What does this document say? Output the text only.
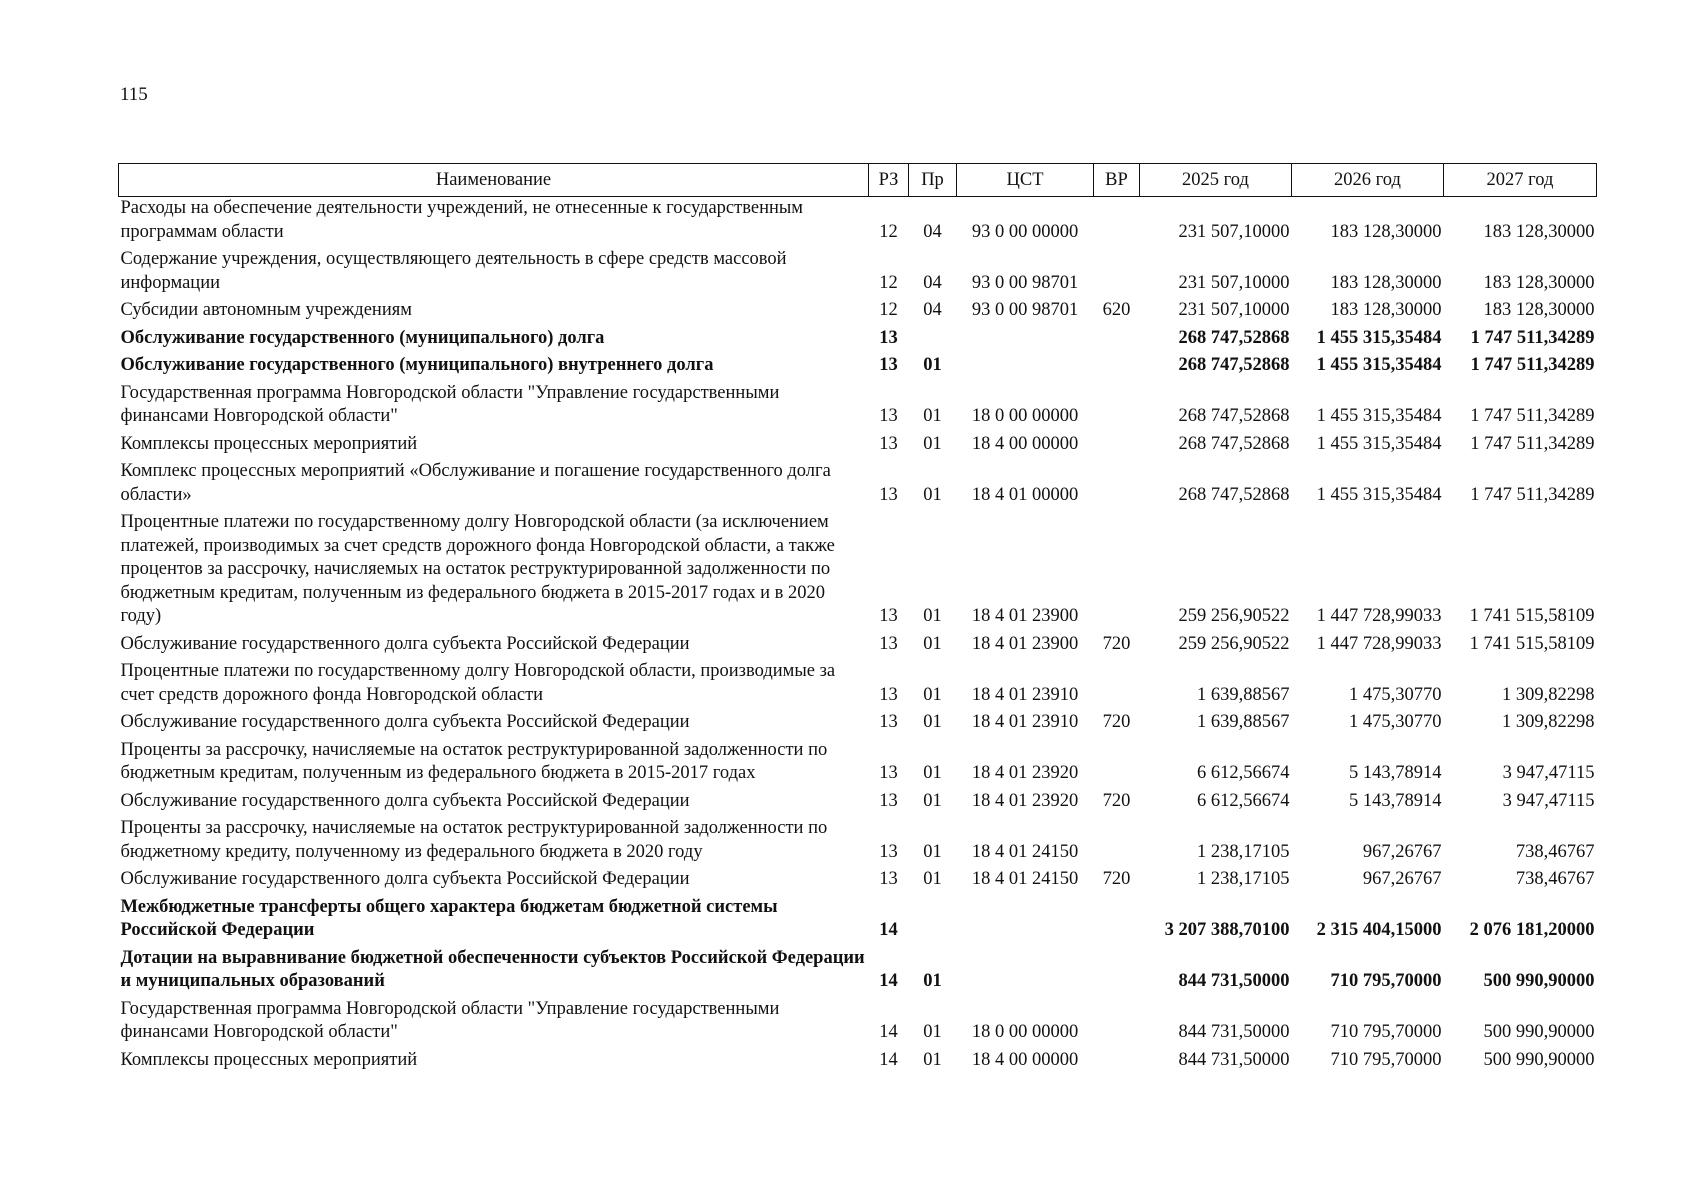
115
Наименование	РЗ	Пр	ЦСТ	ВР	2025 год	2026 год	2027 год
Расходы на обеспечение деятельности учреждений, не отнесенные к государственным программам области	12	04	93 0 00 00000		231 507,10000	183 128,30000	183 128,30000
Содержание учреждения, осуществляющего деятельность в сфере средств массовой информации	12	04	93 0 00 98701		231 507,10000	183 128,30000	183 128,30000
Субсидии автономным учреждениям	12	04	93 0 00 98701	620	231 507,10000	183 128,30000	183 128,30000
Обслуживание государственного (муниципального) долга	13				268 747,52868	1 455 315,35484	1 747 511,34289
Обслуживание государственного (муниципального) внутреннего долга	13	01			268 747,52868	1 455 315,35484	1 747 511,34289
Государственная программа Новгородской области "Управление государственными финансами Новгородской области"	13	01	18 0 00 00000		268 747,52868	1 455 315,35484	1 747 511,34289
Комплексы процессных мероприятий	13	01	18 4 00 00000		268 747,52868	1 455 315,35484	1 747 511,34289
Комплекс процессных мероприятий «Обслуживание и погашение государственного долга области»	13	01	18 4 01 00000		268 747,52868	1 455 315,35484	1 747 511,34289
Процентные платежи по государственному долгу Новгородской области (за исключением платежей, производимых за счет средств дорожного фонда Новгородской области, а также процентов за рассрочку, начисляемых на остаток реструктурированной задолженности по бюджетным кредитам, полученным из федерального бюджета в 2015-2017 годах и в 2020 году)	13	01	18 4 01 23900		259 256,90522	1 447 728,99033	1 741 515,58109
Обслуживание государственного долга субъекта Российской Федерации	13	01	18 4 01 23900	720	259 256,90522	1 447 728,99033	1 741 515,58109
Процентные платежи по государственному долгу Новгородской области, производимые за счет средств дорожного фонда Новгородской области	13	01	18 4 01 23910		1 639,88567	1 475,30770	1 309,82298
Обслуживание государственного долга субъекта Российской Федерации	13	01	18 4 01 23910	720	1 639,88567	1 475,30770	1 309,82298
Проценты за рассрочку, начисляемые на остаток реструктурированной задолженности по бюджетным кредитам, полученным из федерального бюджета в 2015-2017 годах	13	01	18 4 01 23920		6 612,56674	5 143,78914	3 947,47115
Обслуживание государственного долга субъекта Российской Федерации	13	01	18 4 01 23920	720	6 612,56674	5 143,78914	3 947,47115
Проценты за рассрочку, начисляемые на остаток реструктурированной задолженности по бюджетному кредиту, полученному из федерального бюджета в 2020 году	13	01	18 4 01 24150		1 238,17105	967,26767	738,46767
Обслуживание государственного долга субъекта Российской Федерации	13	01	18 4 01 24150	720	1 238,17105	967,26767	738,46767
Межбюджетные трансферты общего характера бюджетам бюджетной системы Российской Федерации	14				3 207 388,70100	2 315 404,15000	2 076 181,20000
Дотации на выравнивание бюджетной обеспеченности субъектов Российской Федерации и муниципальных образований	14	01			844 731,50000	710 795,70000	500 990,90000
Государственная программа Новгородской области "Управление государственными финансами Новгородской области"	14	01	18 0 00 00000		844 731,50000	710 795,70000	500 990,90000
Комплексы процессных мероприятий	14	01	18 4 00 00000		844 731,50000	710 795,70000	500 990,90000
